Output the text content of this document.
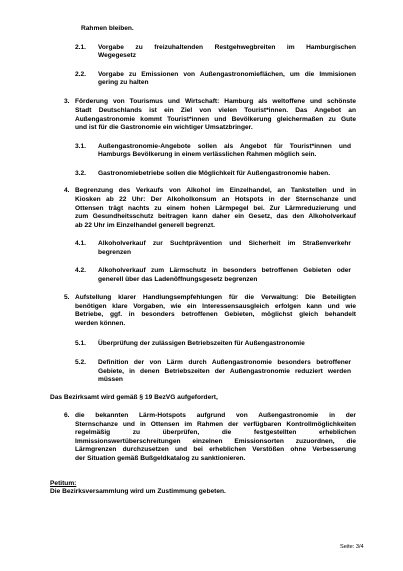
Rahmen bleiben.
2.1. Vorgabe zu freizuhaltenden Restgehwegbreiten im Hamburgischen
Wegegesetz
2.2. Vorgabe zu Emissionen von Außengastronomieflächen, um die Immisionen
gering zu halten
3. Förderung von Tourismus und Wirtschaft: Hamburg als weltoffene und schönste
Stadt Deutschlands ist ein Ziel von vielen Tourist*innen. Das Angebot an
Außengastronomie kommt Tourist*innen und Bevölkerung gleichermaßen zu Gute
und ist für die Gastronomie ein wichtiger Umsatzbringer.
3.1. Außengastronomie-Angebote sollen als Angebot für Tourist*innen und
Hamburgs Bevölkerung in einem verlässlichen Rahmen möglich sein.
3.2. Gastronomiebetriebe sollen die Möglichkeit für Außengastronomie haben.
4. Begrenzung des Verkaufs von Alkohol im Einzelhandel, an Tankstellen und in
Kiosken ab 22 Uhr: Der Alkoholkonsum an Hotspots in der Sternschanze und
Ottensen trägt nachts zu einem hohen Lärmpegel bei. Zur Lärmreduzierung und
zum Gesundheitsschutz beitragen kann daher ein Gesetz, das den Alkoholverkauf
ab 22 Uhr im Einzelhandel generell begrenzt.
4.1. Alkoholverkauf zur Suchtprävention und Sicherheit im Straßenverkehr
begrenzen
4.2. Alkoholverkauf zum Lärmschutz in besonders betroffenen Gebieten oder
generell über das Ladenöffnungsgesetz begrenzen
5. Aufstellung klarer Handlungsempfehlungen für die Verwaltung: Die Beteiligten
benötigen klare Vorgaben, wie ein Interessensausgleich erfolgen kann und wie
Betriebe, ggf. in besonders betroffenen Gebieten, möglichst gleich behandelt
werden können.
5.1. Überprüfung der zulässigen Betriebszeiten für Außengastronomie
5.2. Definition der von Lärm durch Außengastronomie besonders betroffener
Gebiete, in denen Betriebszeiten der Außengastronomie reduziert werden
müssen
Das Bezirksamt wird gemäß § 19 BezVG aufgefordert,
6. die bekannten Lärm-Hotspots aufgrund von Außengastronomie in der
Sternschanze und in Ottensen im Rahmen der verfügbaren Kontrollmöglichkeiten
regelmäßig zu überprüfen, die festgestellten erheblichen
Immissionswertüberschreitungen einzelnen Emissionsorten zuzuordnen, die
Lärmgrenzen durchzusetzen und bei erheblichen Verstößen ohne Verbesserung
der Situation gemäß Bußgeldkatalog zu sanktionieren.
Petitum:
Die Bezirksversammlung wird um Zustimmung gebeten.
Seite: 3/4
